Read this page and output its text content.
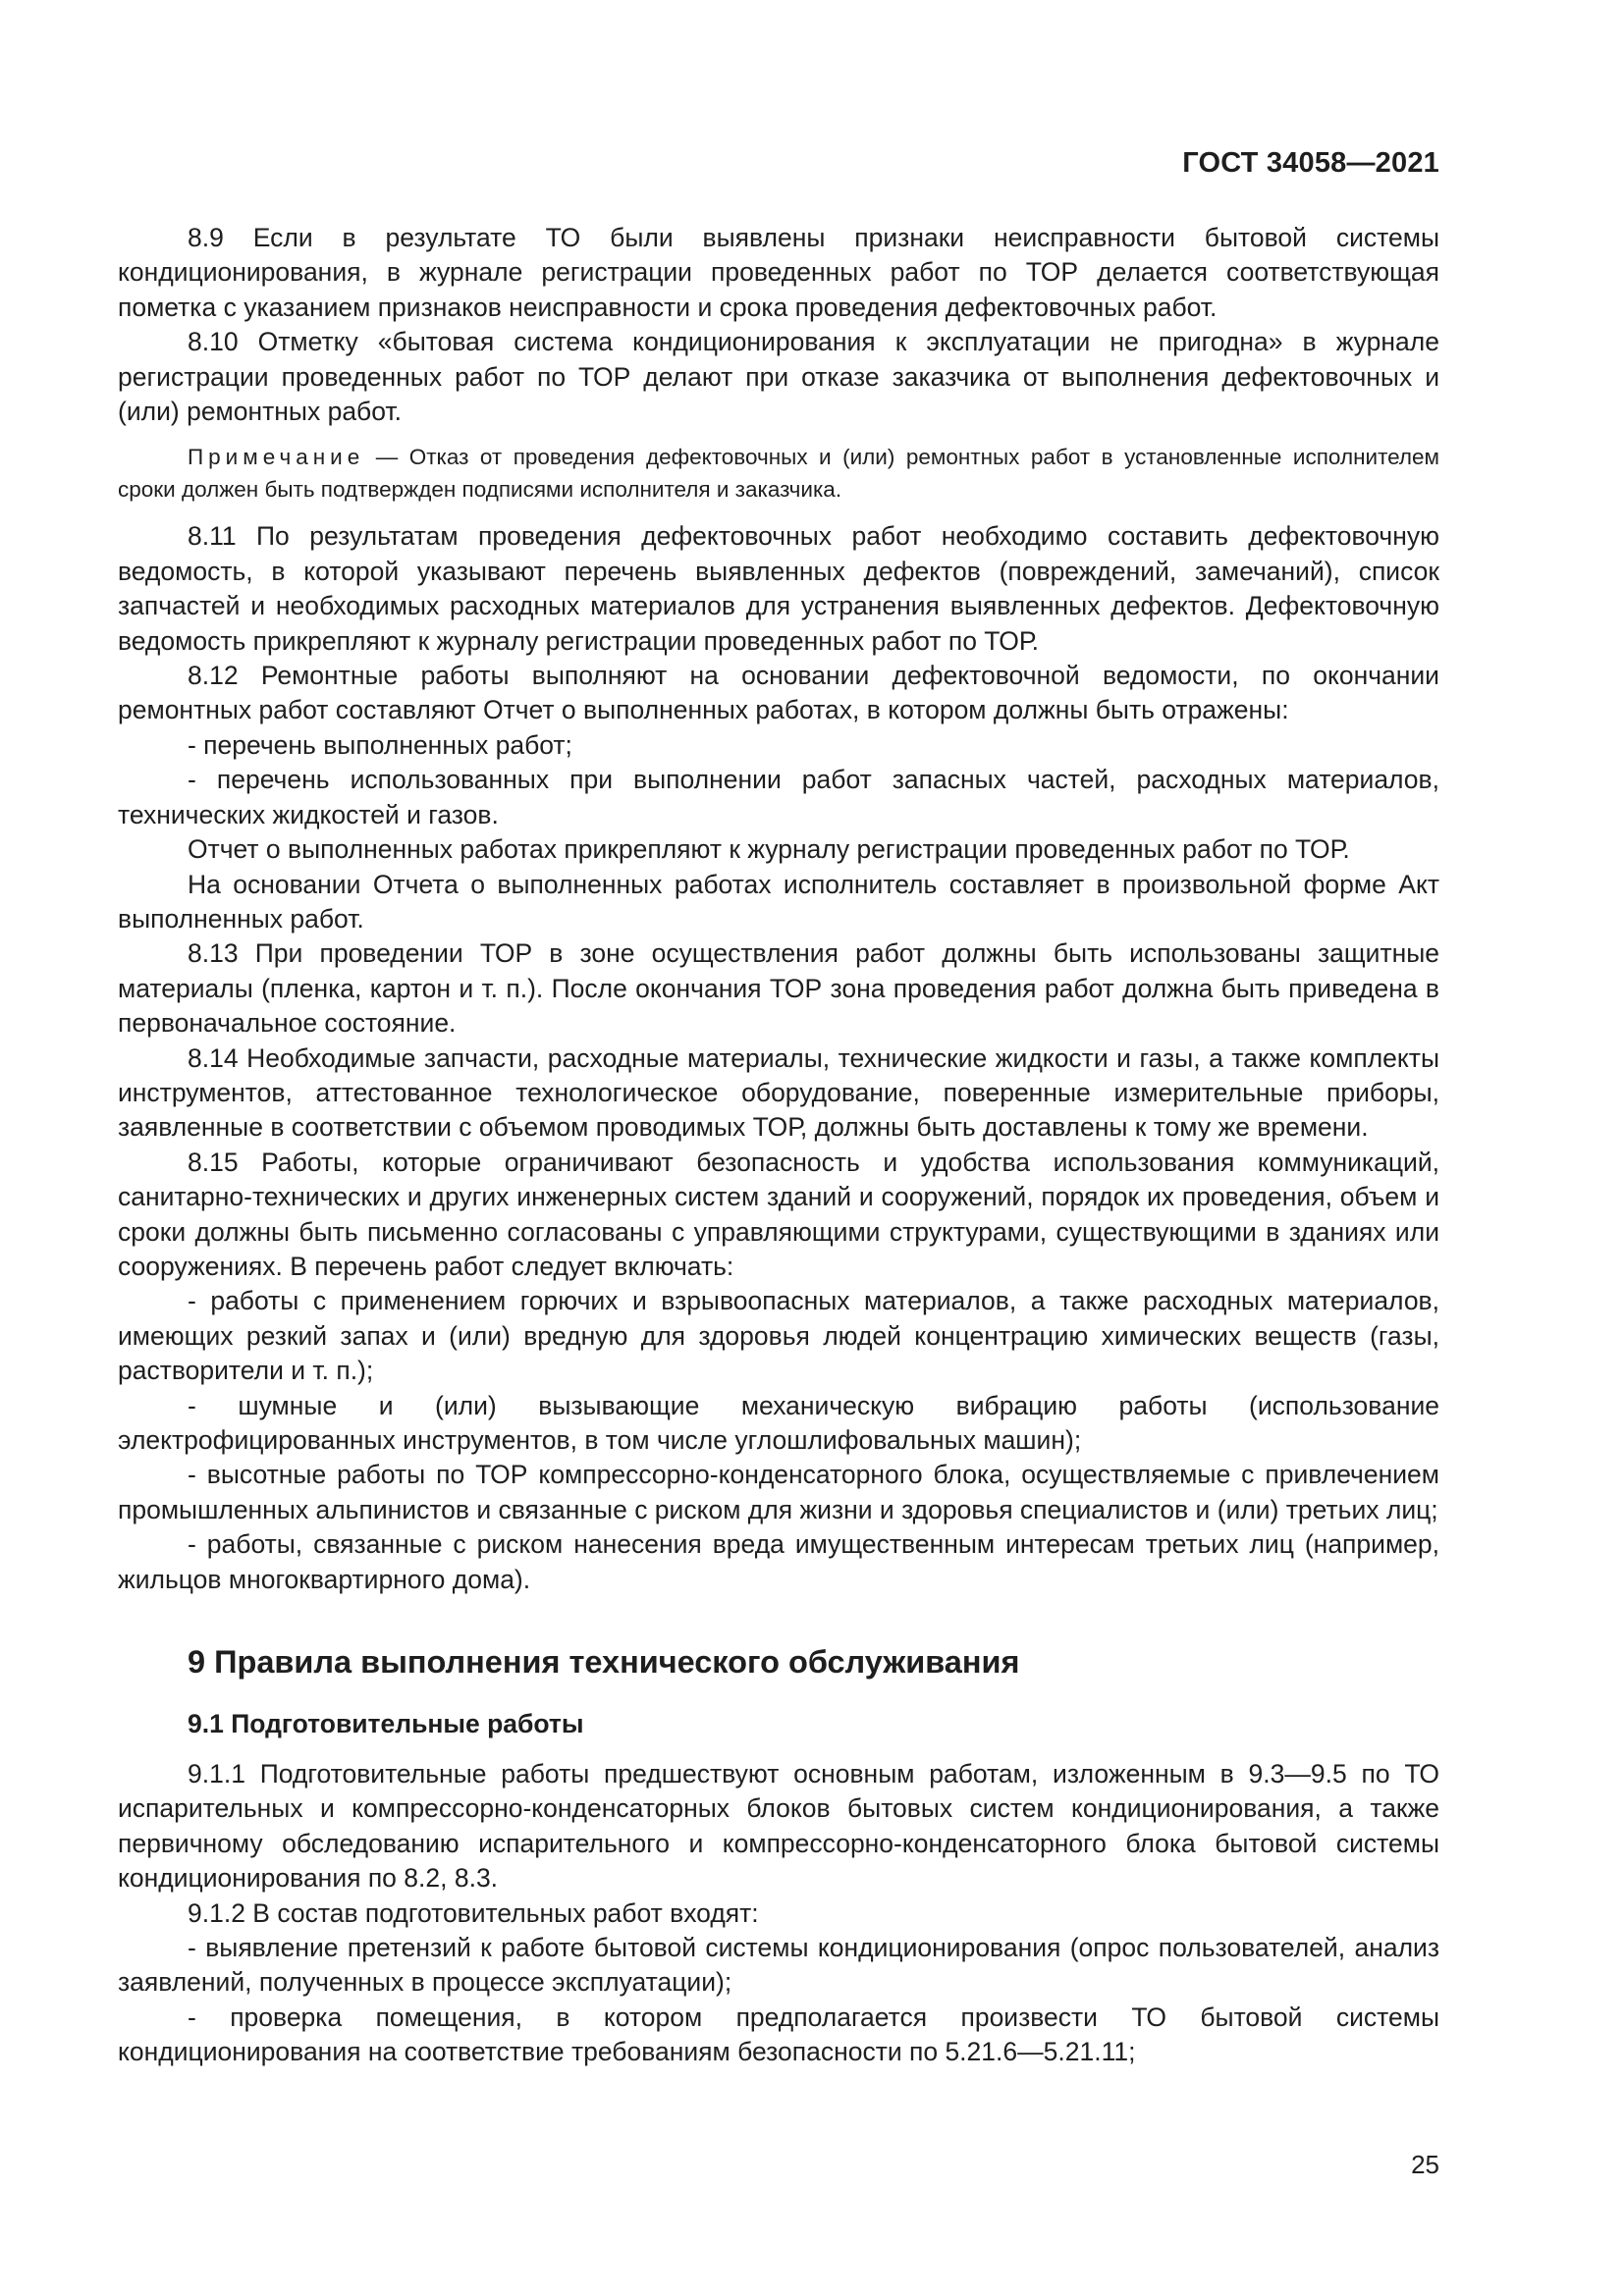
ГОСТ 34058—2021

8.9 Если в результате ТО были выявлены признаки неисправности бытовой системы кондиционирования, в журнале регистрации проведенных работ по ТОР делается соответствующая пометка с указанием признаков неисправности и срока проведения дефектовочных работ.

8.10 Отметку «бытовая система кондиционирования к эксплуатации не пригодна» в журнале регистрации проведенных работ по ТОР делают при отказе заказчика от выполнения дефектовочных и (или) ремонтных работ.

Примечание — Отказ от проведения дефектовочных и (или) ремонтных работ в установленные исполнителем сроки должен быть подтвержден подписями исполнителя и заказчика.

8.11 По результатам проведения дефектовочных работ необходимо составить дефектовочную ведомость, в которой указывают перечень выявленных дефектов (повреждений, замечаний), список запчастей и необходимых расходных материалов для устранения выявленных дефектов. Дефектовочную ведомость прикрепляют к журналу регистрации проведенных работ по ТОР.

8.12 Ремонтные работы выполняют на основании дефектовочной ведомости, по окончании ремонтных работ составляют Отчет о выполненных работах, в котором должны быть отражены:

- перечень выполненных работ;

- перечень использованных при выполнении работ запасных частей, расходных материалов, технических жидкостей и газов.

Отчет о выполненных работах прикрепляют к журналу регистрации проведенных работ по ТОР.

На основании Отчета о выполненных работах исполнитель составляет в произвольной форме Акт выполненных работ.

8.13 При проведении ТОР в зоне осуществления работ должны быть использованы защитные материалы (пленка, картон и т. п.). После окончания ТОР зона проведения работ должна быть приведена в первоначальное состояние.

8.14 Необходимые запчасти, расходные материалы, технические жидкости и газы, а также комплекты инструментов, аттестованное технологическое оборудование, поверенные измерительные приборы, заявленные в соответствии с объемом проводимых ТОР, должны быть доставлены к тому же времени.

8.15 Работы, которые ограничивают безопасность и удобства использования коммуникаций, санитарно-технических и других инженерных систем зданий и сооружений, порядок их проведения, объем и сроки должны быть письменно согласованы с управляющими структурами, существующими в зданиях или сооружениях. В перечень работ следует включать:

- работы с применением горючих и взрывоопасных материалов, а также расходных материалов, имеющих резкий запах и (или) вредную для здоровья людей концентрацию химических веществ (газы, растворители и т. п.);

- шумные и (или) вызывающие механическую вибрацию работы (использование электрофицированных инструментов, в том числе углошлифовальных машин);

- высотные работы по ТОР компрессорно-конденсаторного блока, осуществляемые с привлечением промышленных альпинистов и связанные с риском для жизни и здоровья специалистов и (или) третьих лиц;

- работы, связанные с риском нанесения вреда имущественным интересам третьих лиц (например, жильцов многоквартирного дома).

9 Правила выполнения технического обслуживания
9.1 Подготовительные работы

9.1.1 Подготовительные работы предшествуют основным работам, изложенным в 9.3—9.5 по ТО испарительных и компрессорно-конденсаторных блоков бытовых систем кондиционирования, а также первичному обследованию испарительного и компрессорно-конденсаторного блока бытовой системы кондиционирования по 8.2, 8.3.

9.1.2 В состав подготовительных работ входят:

- выявление претензий к работе бытовой системы кондиционирования (опрос пользователей, анализ заявлений, полученных в процессе эксплуатации);

- проверка помещения, в котором предполагается произвести ТО бытовой системы кондиционирования на соответствие требованиям безопасности по 5.21.6—5.21.11;

25
